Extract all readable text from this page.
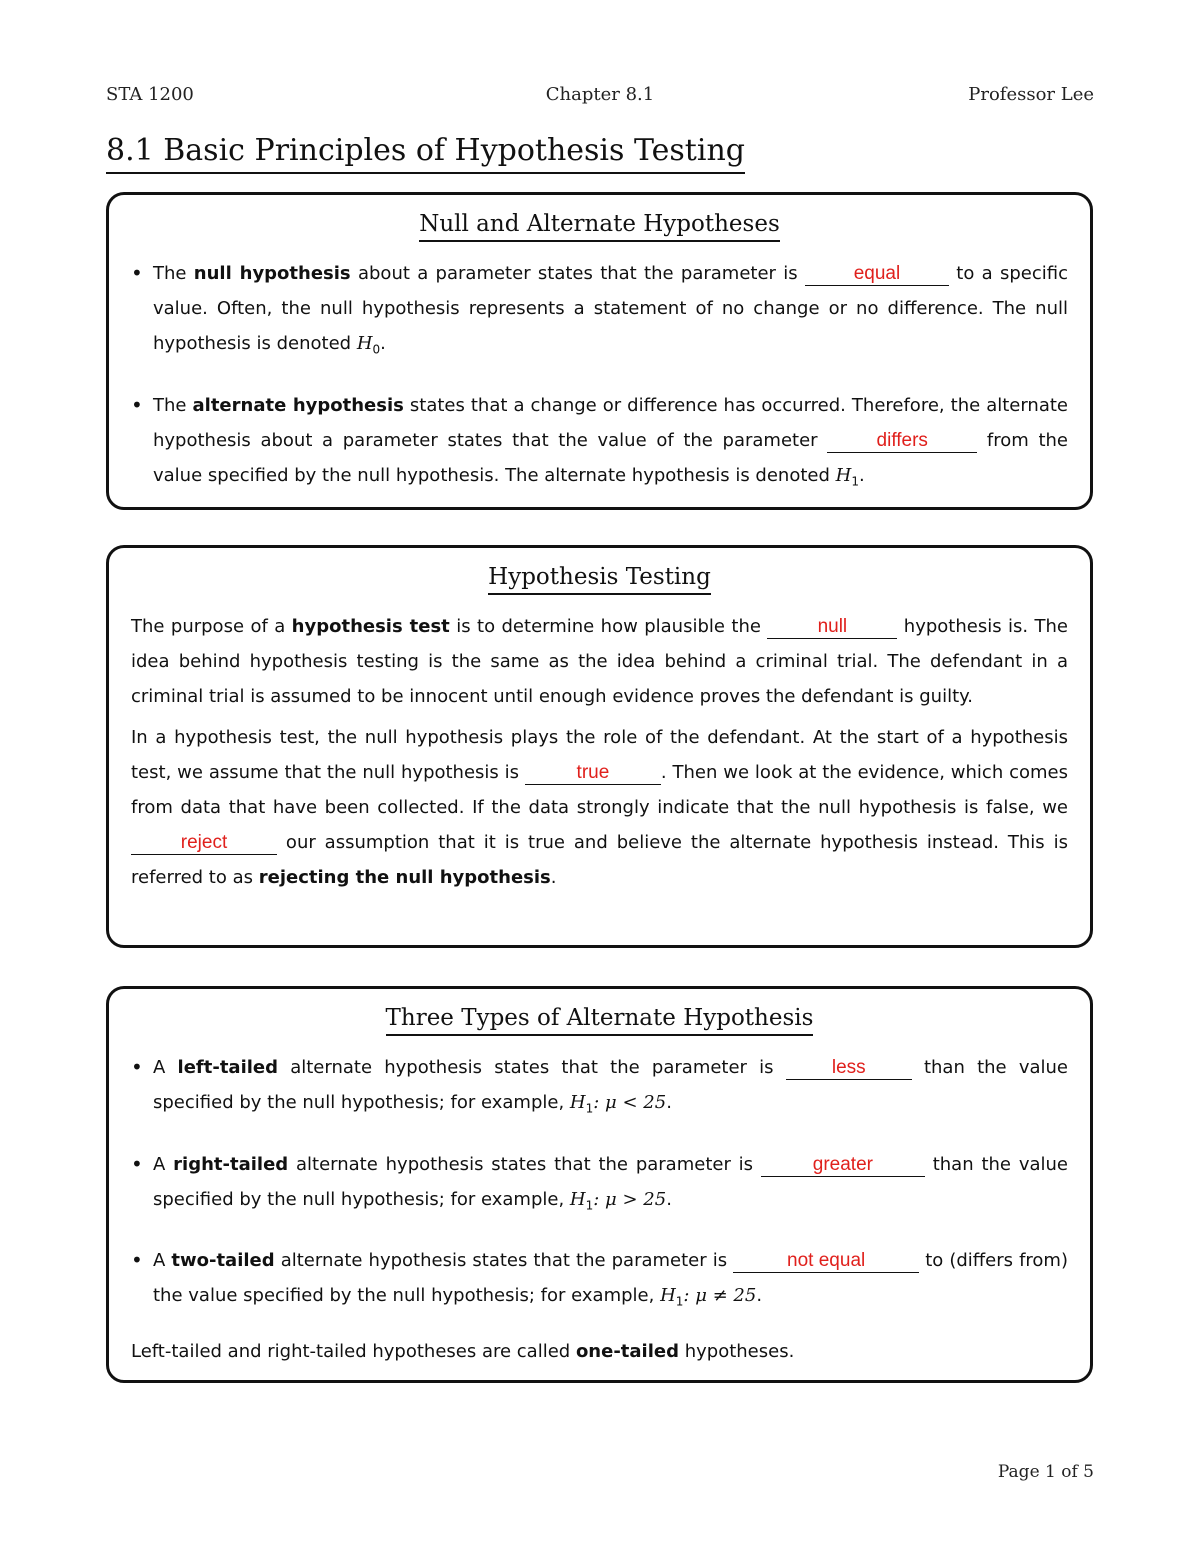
STA 1200	Chapter 8.1	Professor Lee
8.1 Basic Principles of Hypothesis Testing
Null and Alternate Hypotheses
• The null hypothesis about a parameter states that the parameter is	equal	to a specific value. Often, the null hypothesis represents a statement of no change or no difference. The null hypothesis is denoted $H_0$.
• The alternate hypothesis states that a change or difference has occurred. Therefore, the alternate hypothesis about a parameter states that the value of the parameter	differs	from the value specified by the null hypothesis. The alternate hypothesis is denoted $H_1$.
Hypothesis Testing

The purpose of a hypothesis test is to determine how plausible the	null	hypothesis is. The idea behind hypothesis testing is the same as the idea behind a criminal trial. The defendant in a criminal trial is assumed to be innocent until enough evidence proves the defendant is guilty.

In a hypothesis test, the null hypothesis plays the role of the defendant. At the start of a hypothesis test, we assume that the null hypothesis is	true	. Then we look at the evidence, which comes from data that have been collected. If the data strongly indicate that the null hypothesis is false, we reject	our assumption that it is true and believe the alternate hypothesis instead. This is referred to as rejecting the null hypothesis.

Three Types of Alternate Hypothesis
• A left-tailed alternate hypothesis states that the parameter is less	than the value specified by the null hypothesis; for example, $H_1$: μ < 25.
• A right-tailed alternate hypothesis states that the parameter is	greater	than the value specified by the null hypothesis; for example, $H_1$: μ > 25.
• A two-tailed alternate hypothesis states that the parameter is	not equal	to (differs from) the value specified by the null hypothesis; for example, $H_1$: μ ≠ 25.

Left-tailed and right-tailed hypotheses are called one-tailed hypotheses.

Page 1 of 5
